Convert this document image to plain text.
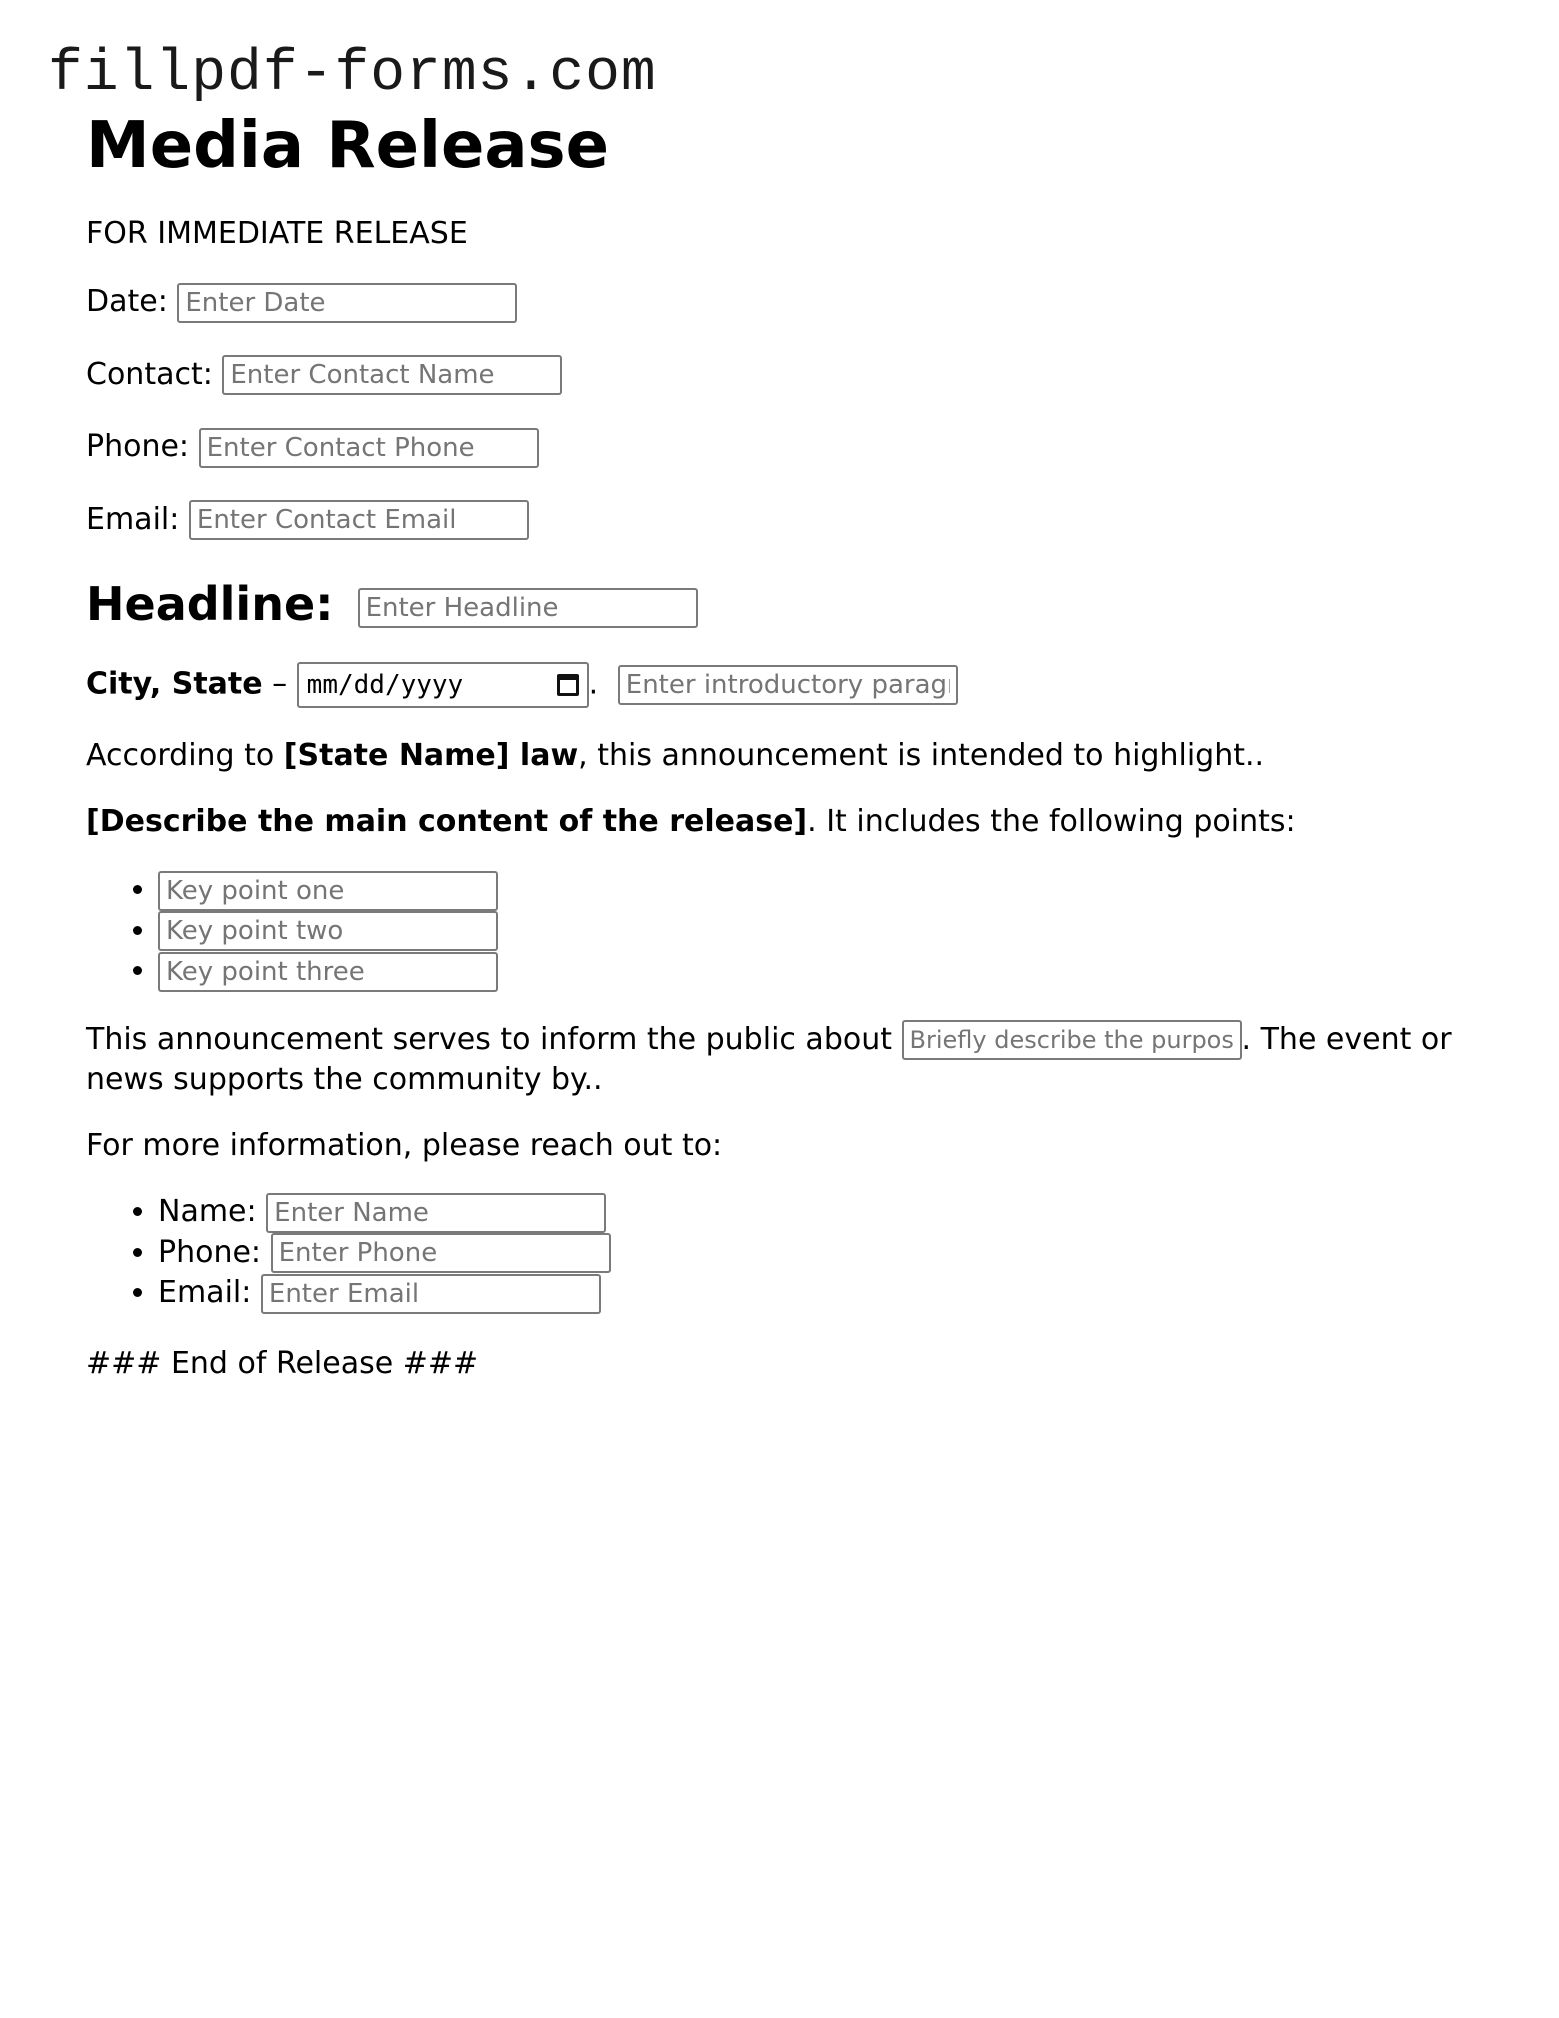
fillpdf-forms.com
Media Release
FOR IMMEDIATE RELEASE
Date: Enter Date
Contact: Enter Contact Name
Phone: Enter Contact Phone
Email: Enter Contact Email
Headline: Enter Headline
City, State – mm/dd/yyyy	. Enter introductory paragraph
According to [State Name] law, this announcement is intended to highlight..
[Describe the main content of the release]. It includes the following points:
• Key point one
• Key point two
• Key point three
This announcement serves to inform the public about Briefly describe the purpose	. The event or
news supports the community by..
For more information, please reach out to:
• Name: Enter Name
• Phone: Enter Phone
• Email: Enter Email
### End of Release ###
